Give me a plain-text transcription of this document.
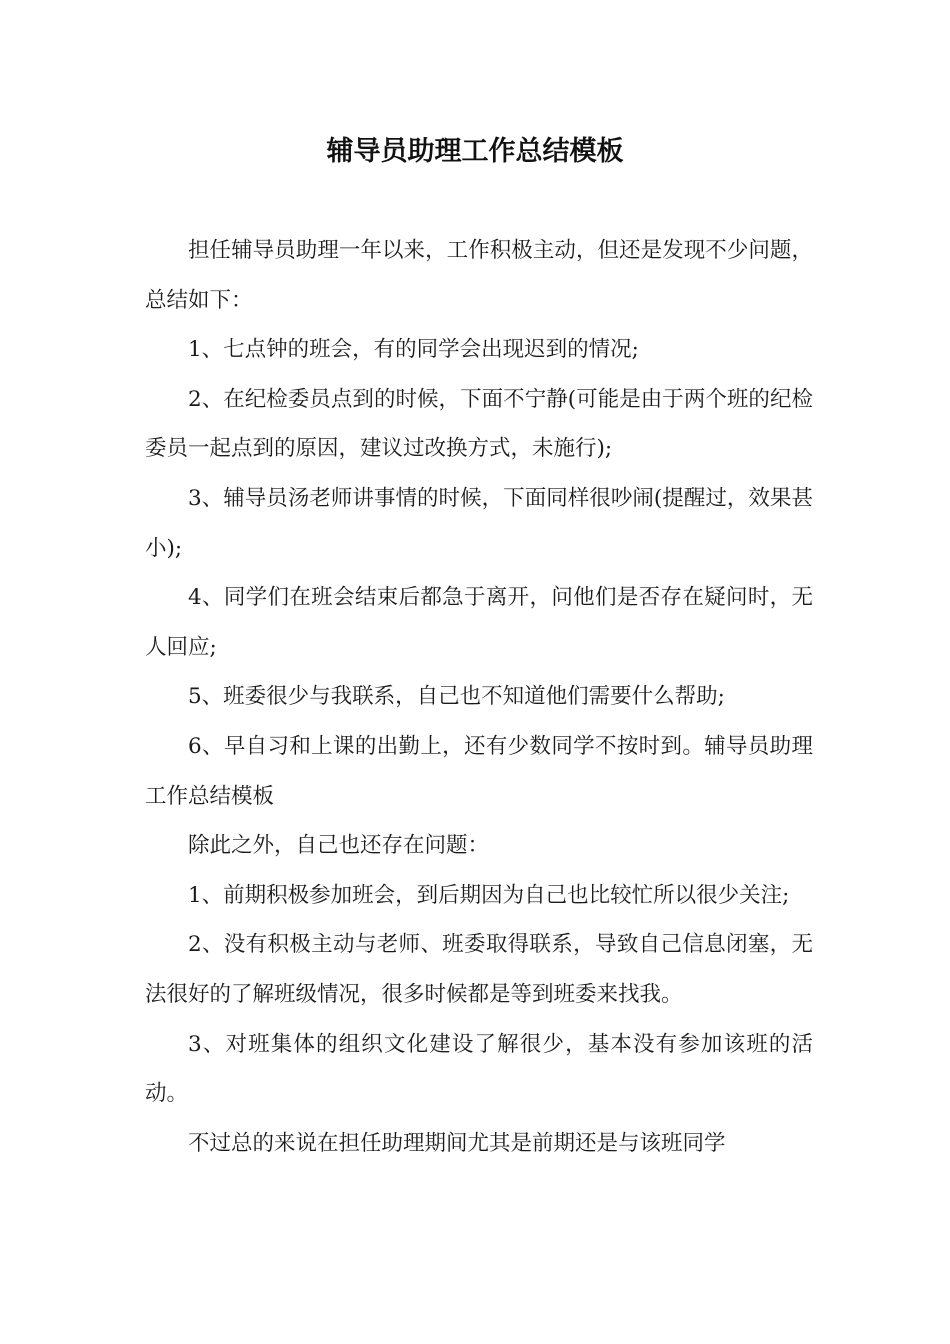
辅导员助理工作总结模板

担任辅导员助理一年以来，工作积极主动，但还是发现不少问题，总结如下：

1、七点钟的班会，有的同学会出现迟到的情况;

2、在纪检委员点到的时候，下面不宁静(可能是由于两个班的纪检委员一起点到的原因，建议过改换方式，未施行);

3、辅导员汤老师讲事情的时候，下面同样很吵闹(提醒过，效果甚小);

4、同学们在班会结束后都急于离开，问他们是否存在疑问时，无人回应;

5、班委很少与我联系，自己也不知道他们需要什么帮助;

6、早自习和上课的出勤上，还有少数同学不按时到。辅导员助理工作总结模板

除此之外，自己也还存在问题：

1、前期积极参加班会，到后期因为自己也比较忙所以很少关注;

2、没有积极主动与老师、班委取得联系，导致自己信息闭塞，无法很好的了解班级情况，很多时候都是等到班委来找我。

3、对班集体的组织文化建设了解很少，基本没有参加该班的活动。

不过总的来说在担任助理期间尤其是前期还是与该班同学
